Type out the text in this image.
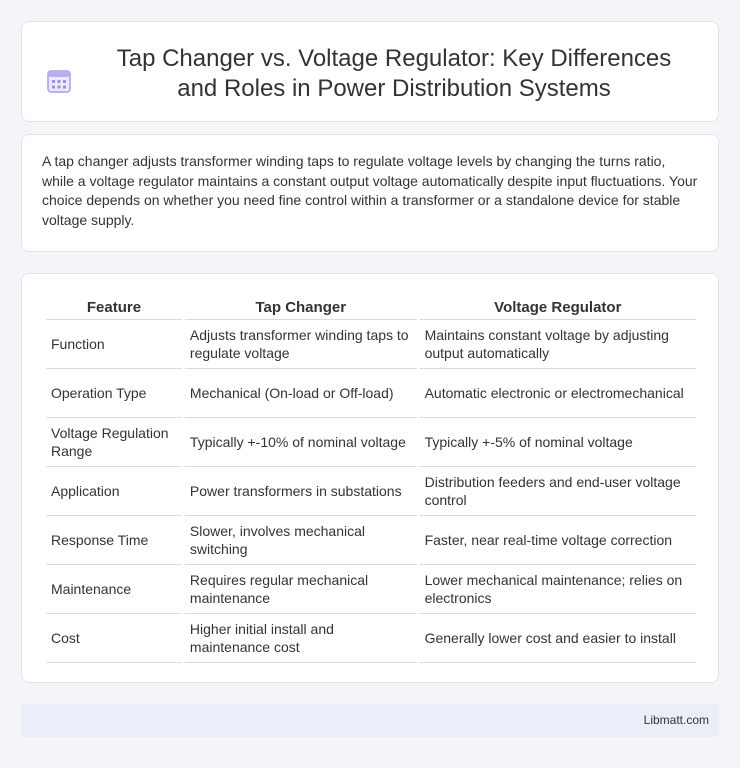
Tap Changer vs. Voltage Regulator: Key Differences and Roles in Power Distribution Systems

A tap changer adjusts transformer winding taps to regulate voltage levels by changing the turns ratio, while a voltage regulator maintains a constant output voltage automatically despite input fluctuations. Your choice depends on whether you need fine control within a transformer or a standalone device for stable voltage supply.

Feature	Tap Changer	Voltage Regulator
Function	Adjusts transformer winding taps to regulate voltage	Maintains constant voltage by adjusting output automatically
Operation Type	Mechanical (On-load or Off-load)	Automatic electronic or electromechanical
Voltage Regulation Range	Typically +-10% of nominal voltage	Typically +-5% of nominal voltage
Application	Power transformers in substations	Distribution feeders and end-user voltage control
Response Time	Slower, involves mechanical switching	Faster, near real-time voltage correction
Maintenance	Requires regular mechanical maintenance	Lower mechanical maintenance; relies on electronics
Cost	Higher initial install and maintenance cost	Generally lower cost and easier to install
Libmatt.com
